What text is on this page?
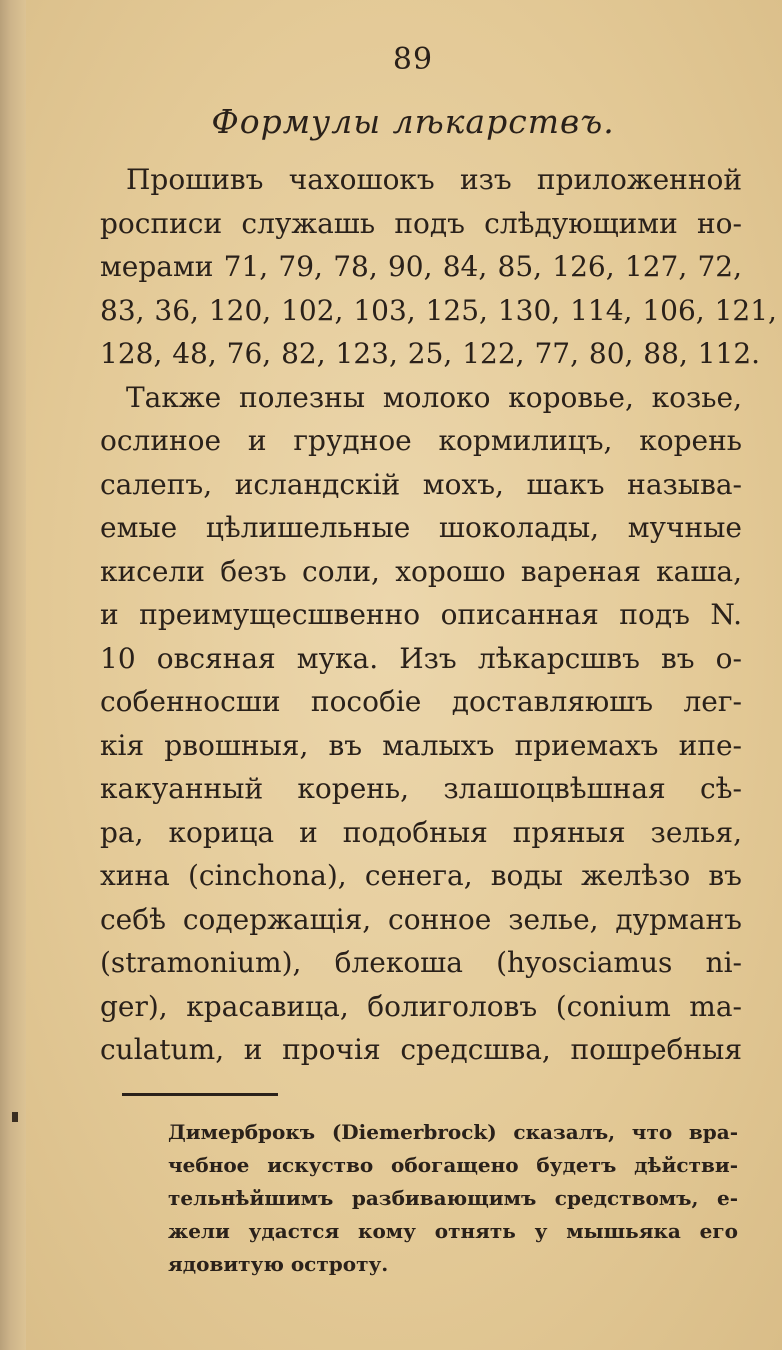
89
Формулы лѣкарствъ.
Прошивъ чахошокъ изъ приложенной
росписи служашь подъ слѣдующими но-
мерами 71, 79, 78, 90, 84, 85, 126, 127, 72,
83, 36, 120, 102, 103, 125, 130, 114, 106, 121,
128, 48, 76, 82, 123, 25, 122, 77, 80, 88, 112.
Также полезны молоко коровье, козье,
ослиное и грудное кормилицъ, корень
салепъ, исландскій мохъ, шакъ называ-
емые цѣлишельные шоколады, мучные
кисели безъ соли, хорошо вареная каша,
и преимущесшвенно описанная подъ N.
10 овсяная мука. Изъ лѣкарсшвъ въ о-
собенносши пособіе доставляюшъ лег-
кія рвошныя, въ малыхъ приемахъ ипе-
какуанный корень, злашоцвѣшная сѣ-
ра, корица и подобныя пряныя зелья,
хина (cinchona), сенега, воды желѣзо въ
себѣ содержащія, сонное зелье, дурманъ
(stramonium), блекоша (hyosciamus ni-
ger), красавица, болиголовъ (conium ma-
culatum, и прочія средсшва, пошребныя
Димерброкъ (Diemerbrock) сказалъ, что вра-
чебное искуство обогащено будетъ дѣйстви-
тельнѣйшимъ разбивающимъ средствомъ, е-
жели удастся кому отнять у мышьяка его
ядовитую остроту.
